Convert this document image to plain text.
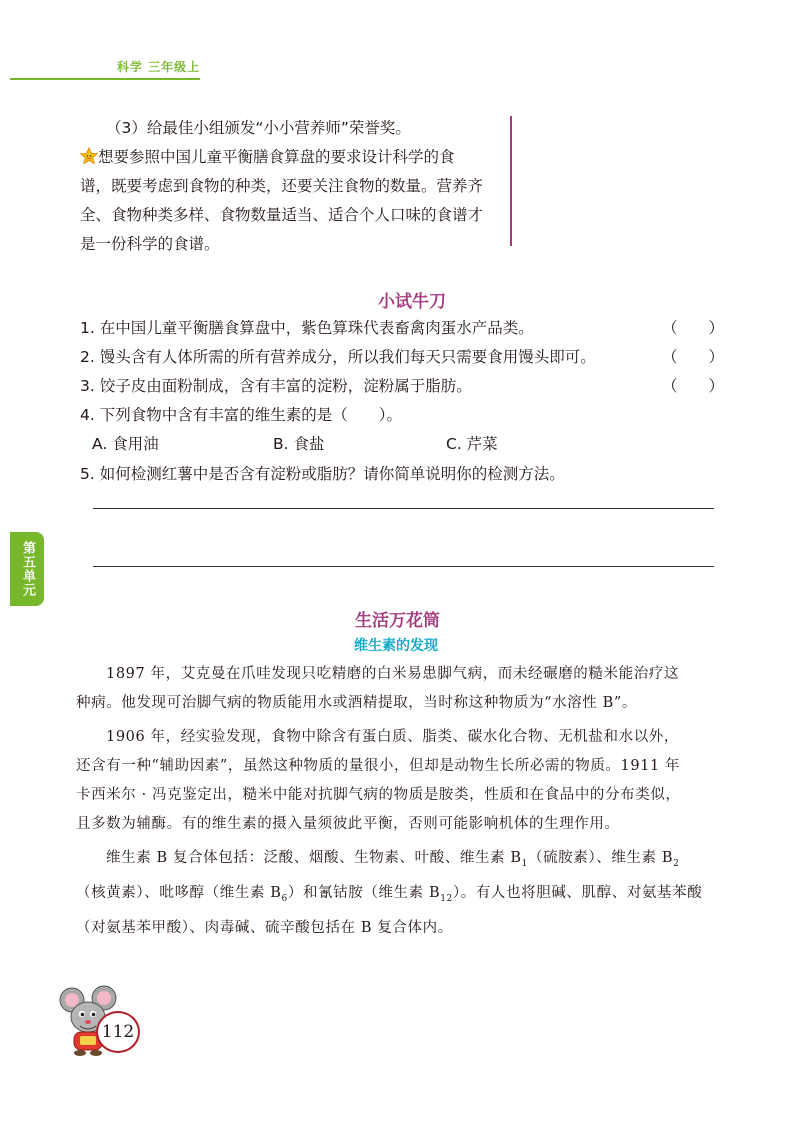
科学 三年级上
（3）给最佳小组颁发“小小营养师”荣誉奖。
想要参照中国儿童平衡膳食算盘的要求设计科学的食
谱，既要考虑到食物的种类，还要关注食物的数量。营养齐
全、食物种类多样、食物数量适当、适合个人口味的食谱才
是一份科学的食谱。
小试牛刀
1. 在中国儿童平衡膳食算盘中，紫色算珠代表畜禽肉蛋水产品类。	（　　）
2. 馒头含有人体所需的所有营养成分，所以我们每天只需要食用馒头即可。	（　　）
3. 饺子皮由面粉制成，含有丰富的淀粉，淀粉属于脂肪。	（　　）
4. 下列食物中含有丰富的维生素的是（　　）。
A. 食用油	B. 食盐	C. 芹菜
5. 如何检测红薯中是否含有淀粉或脂肪？请你简单说明你的检测方法。
第五单元
生活万花筒
维生素的发现
1897 年，艾克曼在爪哇发现只吃精磨的白米易患脚气病，而未经碾磨的糙米能治疗这
种病。他发现可治脚气病的物质能用水或酒精提取，当时称这种物质为“水溶性 B”。
1906 年，经实验发现，食物中除含有蛋白质、脂类、碳水化合物、无机盐和水以外，
还含有一种“辅助因素”，虽然这种物质的量很小，但却是动物生长所必需的物质。1911 年
卡西米尔 · 冯克鉴定出，糙米中能对抗脚气病的物质是胺类，性质和在食品中的分布类似，
且多数为辅酶。有的维生素的摄入量须彼此平衡，否则可能影响机体的生理作用。
维生素 B 复合体包括：泛酸、烟酸、生物素、叶酸、维生素 $B_1$（硫胺素）、维生素 $B_2$
（核黄素）、吡哆醇（维生素 $B_6$）和氰钴胺（维生素 $B_{12}$）。有人也将胆碱、肌醇、对氨基苯酸
（对氨基苯甲酸）、肉毒碱、硫辛酸包括在 B 复合体内。
112
